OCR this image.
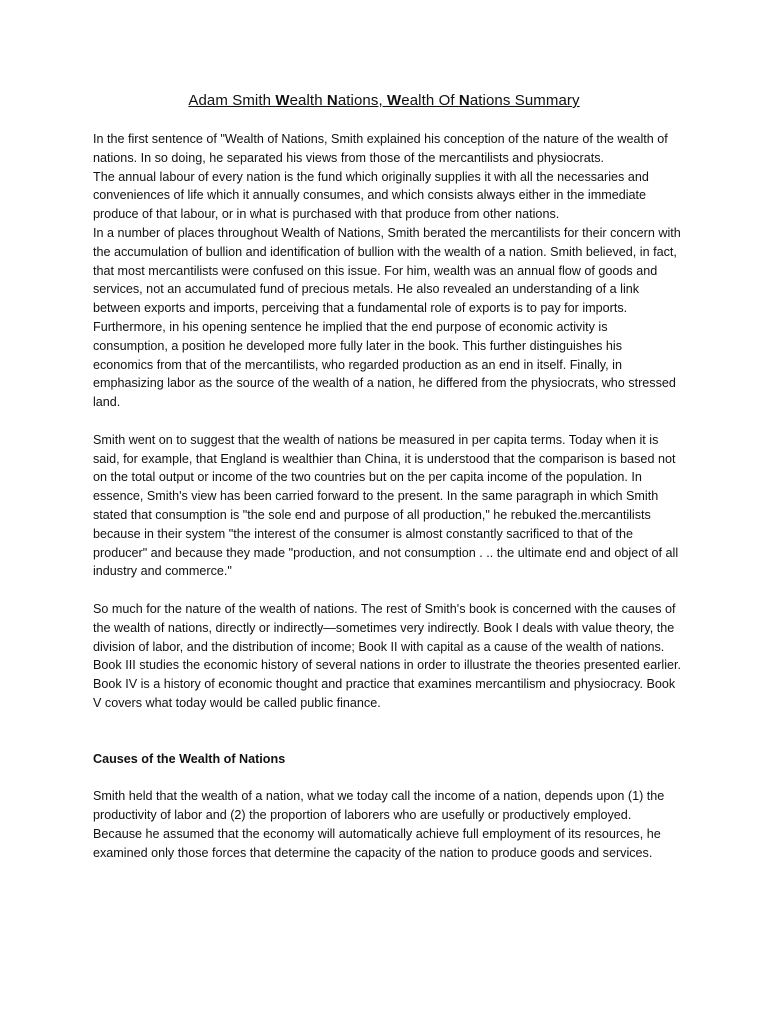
Adam Smith Wealth Nations, Wealth Of Nations Summary

In the first sentence of "Wealth of Nations, Smith explained his conception of the nature of the wealth of nations. In so doing, he separated his views from those of the mercantilists and physiocrats.

The annual labour of every nation is the fund which originally supplies it with all the necessaries and conveniences of life which it annually consumes, and which consists always either in the immediate produce of that labour, or in what is purchased with that produce from other nations.

In a number of places throughout Wealth of Nations, Smith berated the mercantilists for their concern with the accumulation of bullion and identification of bullion with the wealth of a nation. Smith believed, in fact, that most mercantilists were confused on this issue. For him, wealth was an annual flow of goods and services, not an accumulated fund of precious metals. He also revealed an understanding of a link between exports and imports, perceiving that a fundamental role of exports is to pay for imports. Furthermore, in his opening sentence he implied that the end purpose of economic activity is consumption, a position he developed more fully later in the book. This further distinguishes his economics from that of the mercantilists, who regarded production as an end in itself. Finally, in emphasizing labor as the source of the wealth of a nation, he differed from the physiocrats, who stressed land.

Smith went on to suggest that the wealth of nations be measured in per capita terms. Today when it is said, for example, that England is wealthier than China, it is understood that the comparison is based not on the total output or income of the two countries but on the per capita income of the population. In essence, Smith's view has been carried forward to the present. In the same paragraph in which Smith stated that consumption is "the sole end and purpose of all production," he rebuked the.mercantilists because in their system "the interest of the consumer is almost constantly sacrificed to that of the producer" and because they made "production, and not consumption . .. the ultimate end and object of all industry and commerce."

So much for the nature of the wealth of nations. The rest of Smith's book is concerned with the causes of the wealth of nations, directly or indirectly—sometimes very indirectly. Book I deals with value theory, the division of labor, and the distribution of income; Book II with capital as a cause of the wealth of nations. Book III studies the economic history of several nations in order to illustrate the theories presented earlier. Book IV is a history of economic thought and practice that examines mercantilism and physiocracy. Book V covers what today would be called public finance.

Causes of the Wealth of Nations

Smith held that the wealth of a nation, what we today call the income of a nation, depends upon (1) the productivity of labor and (2) the proportion of laborers who are usefully or productively employed. Because he assumed that the economy will automatically achieve full employment of its resources, he examined only those forces that determine the capacity of the nation to produce goods and services.
